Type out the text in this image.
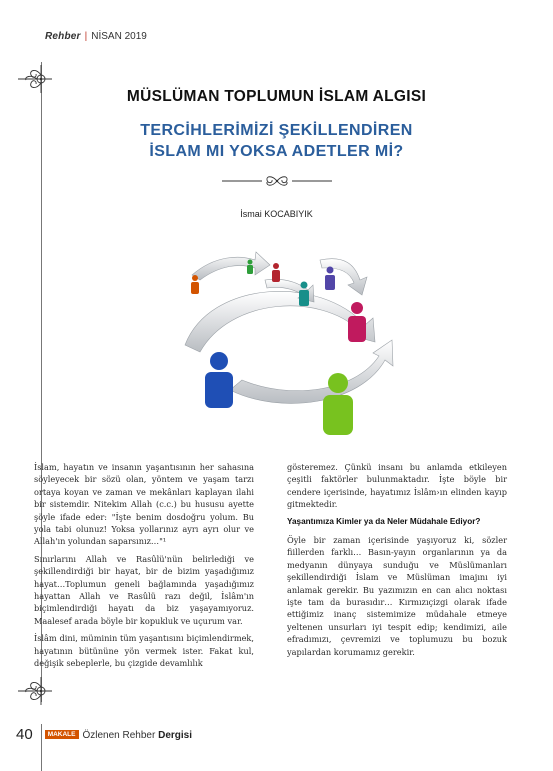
Rehber | NİSAN 2019
MÜSLÜMAN TOPLUMUN İSLAM ALGISI
TERCİHLERİMİZİ ŞEKİLLENDİREN
İSLAM MI YOKSA ADETLER Mİ?
İsmai KOCABIYIK

İslam, hayatın ve insanın yaşantısının her sahasına söyleyecek bir sözü olan, yöntem ve yaşam tarzı ortaya koyan ve zaman ve mekânları kaplayan ilahi bir sistemdir. Nitekim Allah (c.c.) bu hususu ayette şöyle ifade eder: "İşte benim dosdoğru yolum. Bu yola tabi olunuz! Yoksa yollarınız ayrı ayrı olur ve Allah'ın yolundan saparsınız…"¹

Sınırlarını Allah ve Rasûlü'nün belirlediği ve şekillendirdiği bir hayat, bir de bizim yaşadığımız hayat…Toplumun geneli bağlamında yaşadığımız hayattan Allah ve Rasûlü razı değil, İslâm'ın biçimlendirdiği hayatı da biz yaşayamıyoruz. Maalesef arada böyle bir kopukluk ve uçurum var.

İslâm dini, müminin tüm yaşantısını biçimlendirmek, hayatının bütününe yön vermek ister. Fakat kul, değişik sebeplerle, bu çizgide devamlılık

gösteremez. Çünkü insanı bu anlamda etkileyen çeşitli faktörler bulunmaktadır. İşte böyle bir cendere içerisinde, hayatımız İslâm›ın elinden kayıp gitmektedir.

Yaşantımıza Kimler ya da Neler Müdahale Ediyor?

Öyle bir zaman içerisinde yaşıyoruz ki, sözler fiillerden farklı… Basın-yayın organlarının ya da medyanın dünyaya sunduğu ve Müslümanları şekillendirdiği İslam ve Müslüman imajını iyi anlamak gerekir. Bu yazımızın en can alıcı noktası işte tam da burasıdır… Kırmızıçizgi olarak ifade ettiğimiz inanç sistemimize müdahale etmeye yeltenen unsurları iyi tespit edip; kendimizi, aile efradımızı, çevremizi ve toplumuzu bu bozuk yapılardan korumamız gerekir.

40 MAKALE Özlenen Rehber Dergisi
